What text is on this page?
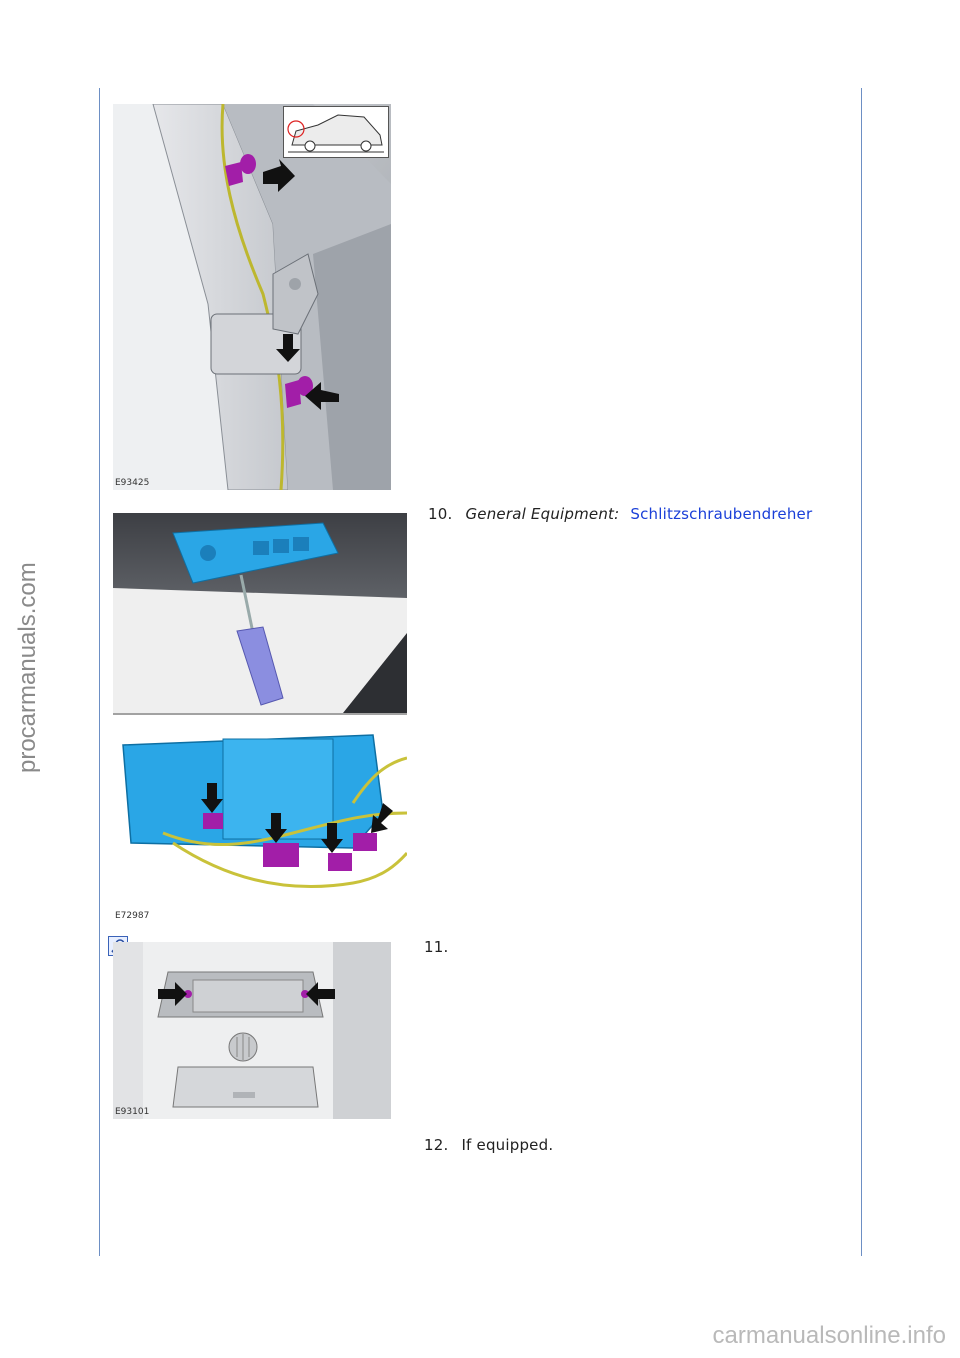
procarmanuals.com
E93425
10. General Equipment: Schlitzschraubendreher
E72987
11.
E93101
12. If equipped.
carmanualsonline.info
